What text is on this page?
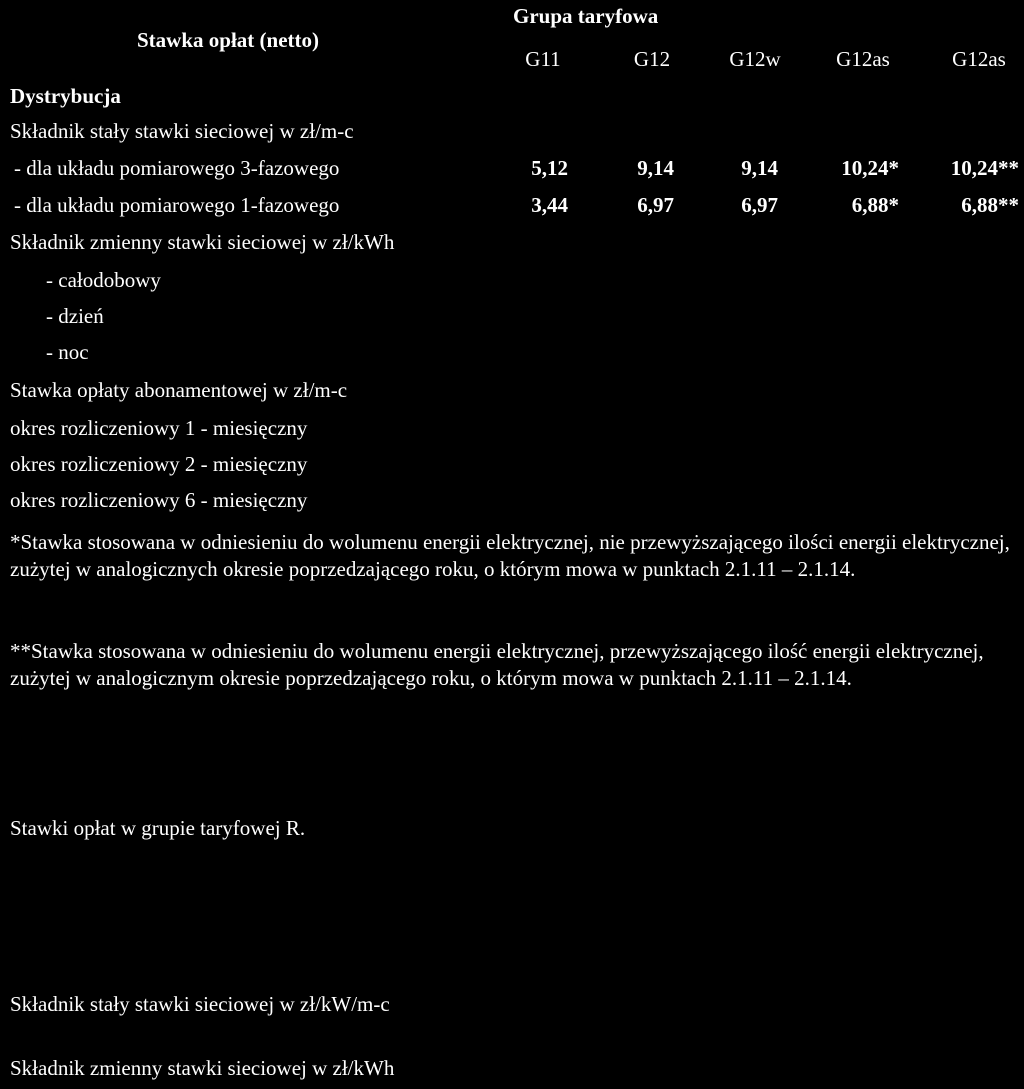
Stawka opłat (netto)
Grupa taryfowa
G11	G12	G12w	G12as	G12as
Dystrybucja
Składnik stały stawki sieciowej w zł/m-c
- dla układu pomiarowego 3-fazowego	5,12	9,14	9,14	10,24*	10,24**
- dla układu pomiarowego 1-fazowego	3,44	6,97	6,97	6,88*	6,88**
Składnik zmienny stawki sieciowej w zł/kWh
- całodobowy
- dzień
- noc
Stawka opłaty abonamentowej w zł/m-c
okres rozliczeniowy 1 - miesięczny
okres rozliczeniowy 2 - miesięczny
okres rozliczeniowy 6 - miesięczny
*Stawka stosowana w odniesieniu do wolumenu energii elektrycznej, nie przewyższającego ilości energii elektrycznej, zużytej w analogicznych okresie poprzedzającego roku, o którym mowa w punktach 2.1.11 – 2.1.14.
**Stawka stosowana w odniesieniu do wolumenu energii elektrycznej, przewyższającego ilość energii elektrycznej, zużytej w analogicznym okresie poprzedzającego roku, o którym mowa w punktach 2.1.11 – 2.1.14.
Stawki opłat w grupie taryfowej R.
Składnik stały stawki sieciowej w zł/kW/m-c
Składnik zmienny stawki sieciowej w zł/kWh
